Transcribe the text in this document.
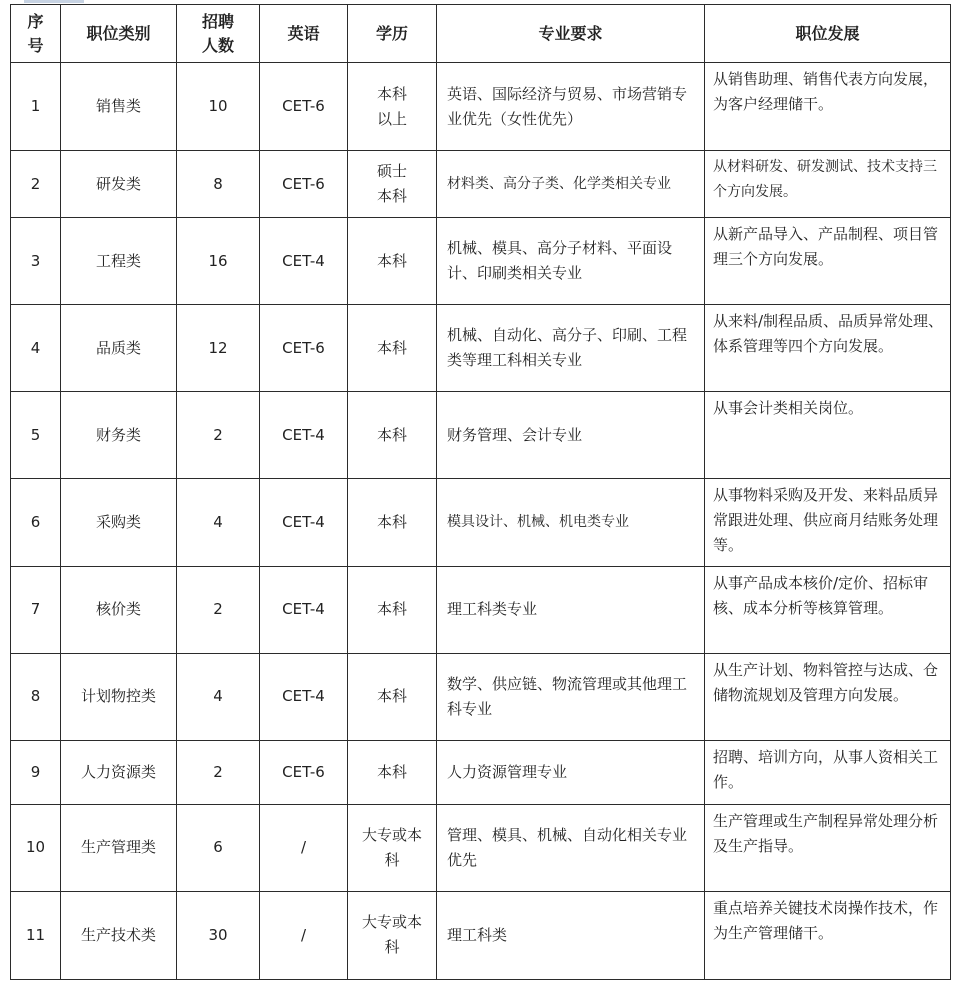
序号	职位类别	招聘人数	英语	学历	专业要求	职位发展
1	销售类	10	CET-6	本科以上	英语、国际经济与贸易、市场营销专业优先（女性优先）	从销售助理、销售代表方向发展，为客户经理储干。
2	研发类	8	CET-6	硕士本科	材料类、高分子类、化学类相关专业	从材料研发、研发测试、技术支持三个方向发展。
3	工程类	16	CET-4	本科	机械、模具、高分子材料、平面设计、印刷类相关专业	从新产品导入、产品制程、项目管理三个方向发展。
4	品质类	12	CET-6	本科	机械、自动化、高分子、印刷、工程类等理工科相关专业	从来料/制程品质、品质异常处理、体系管理等四个方向发展。
5	财务类	2	CET-4	本科	财务管理、会计专业	从事会计类相关岗位。
6	采购类	4	CET-4	本科	模具设计、机械、机电类专业	从事物料采购及开发、来料品质异常跟进处理、供应商月结账务处理等。
7	核价类	2	CET-4	本科	理工科类专业	从事产品成本核价/定价、招标审核、成本分析等核算管理。
8	计划物控类	4	CET-4	本科	数学、供应链、物流管理或其他理工科专业	从生产计划、物料管控与达成、仓储物流规划及管理方向发展。
9	人力资源类	2	CET-6	本科	人力资源管理专业	招聘、培训方向，从事人资相关工作。
10	生产管理类	6	/	大专或本科	管理、模具、机械、自动化相关专业优先	生产管理或生产制程异常处理分析及生产指导。
11	生产技术类	30	/	大专或本科	理工科类	重点培养关键技术岗操作技术，作为生产管理储干。
